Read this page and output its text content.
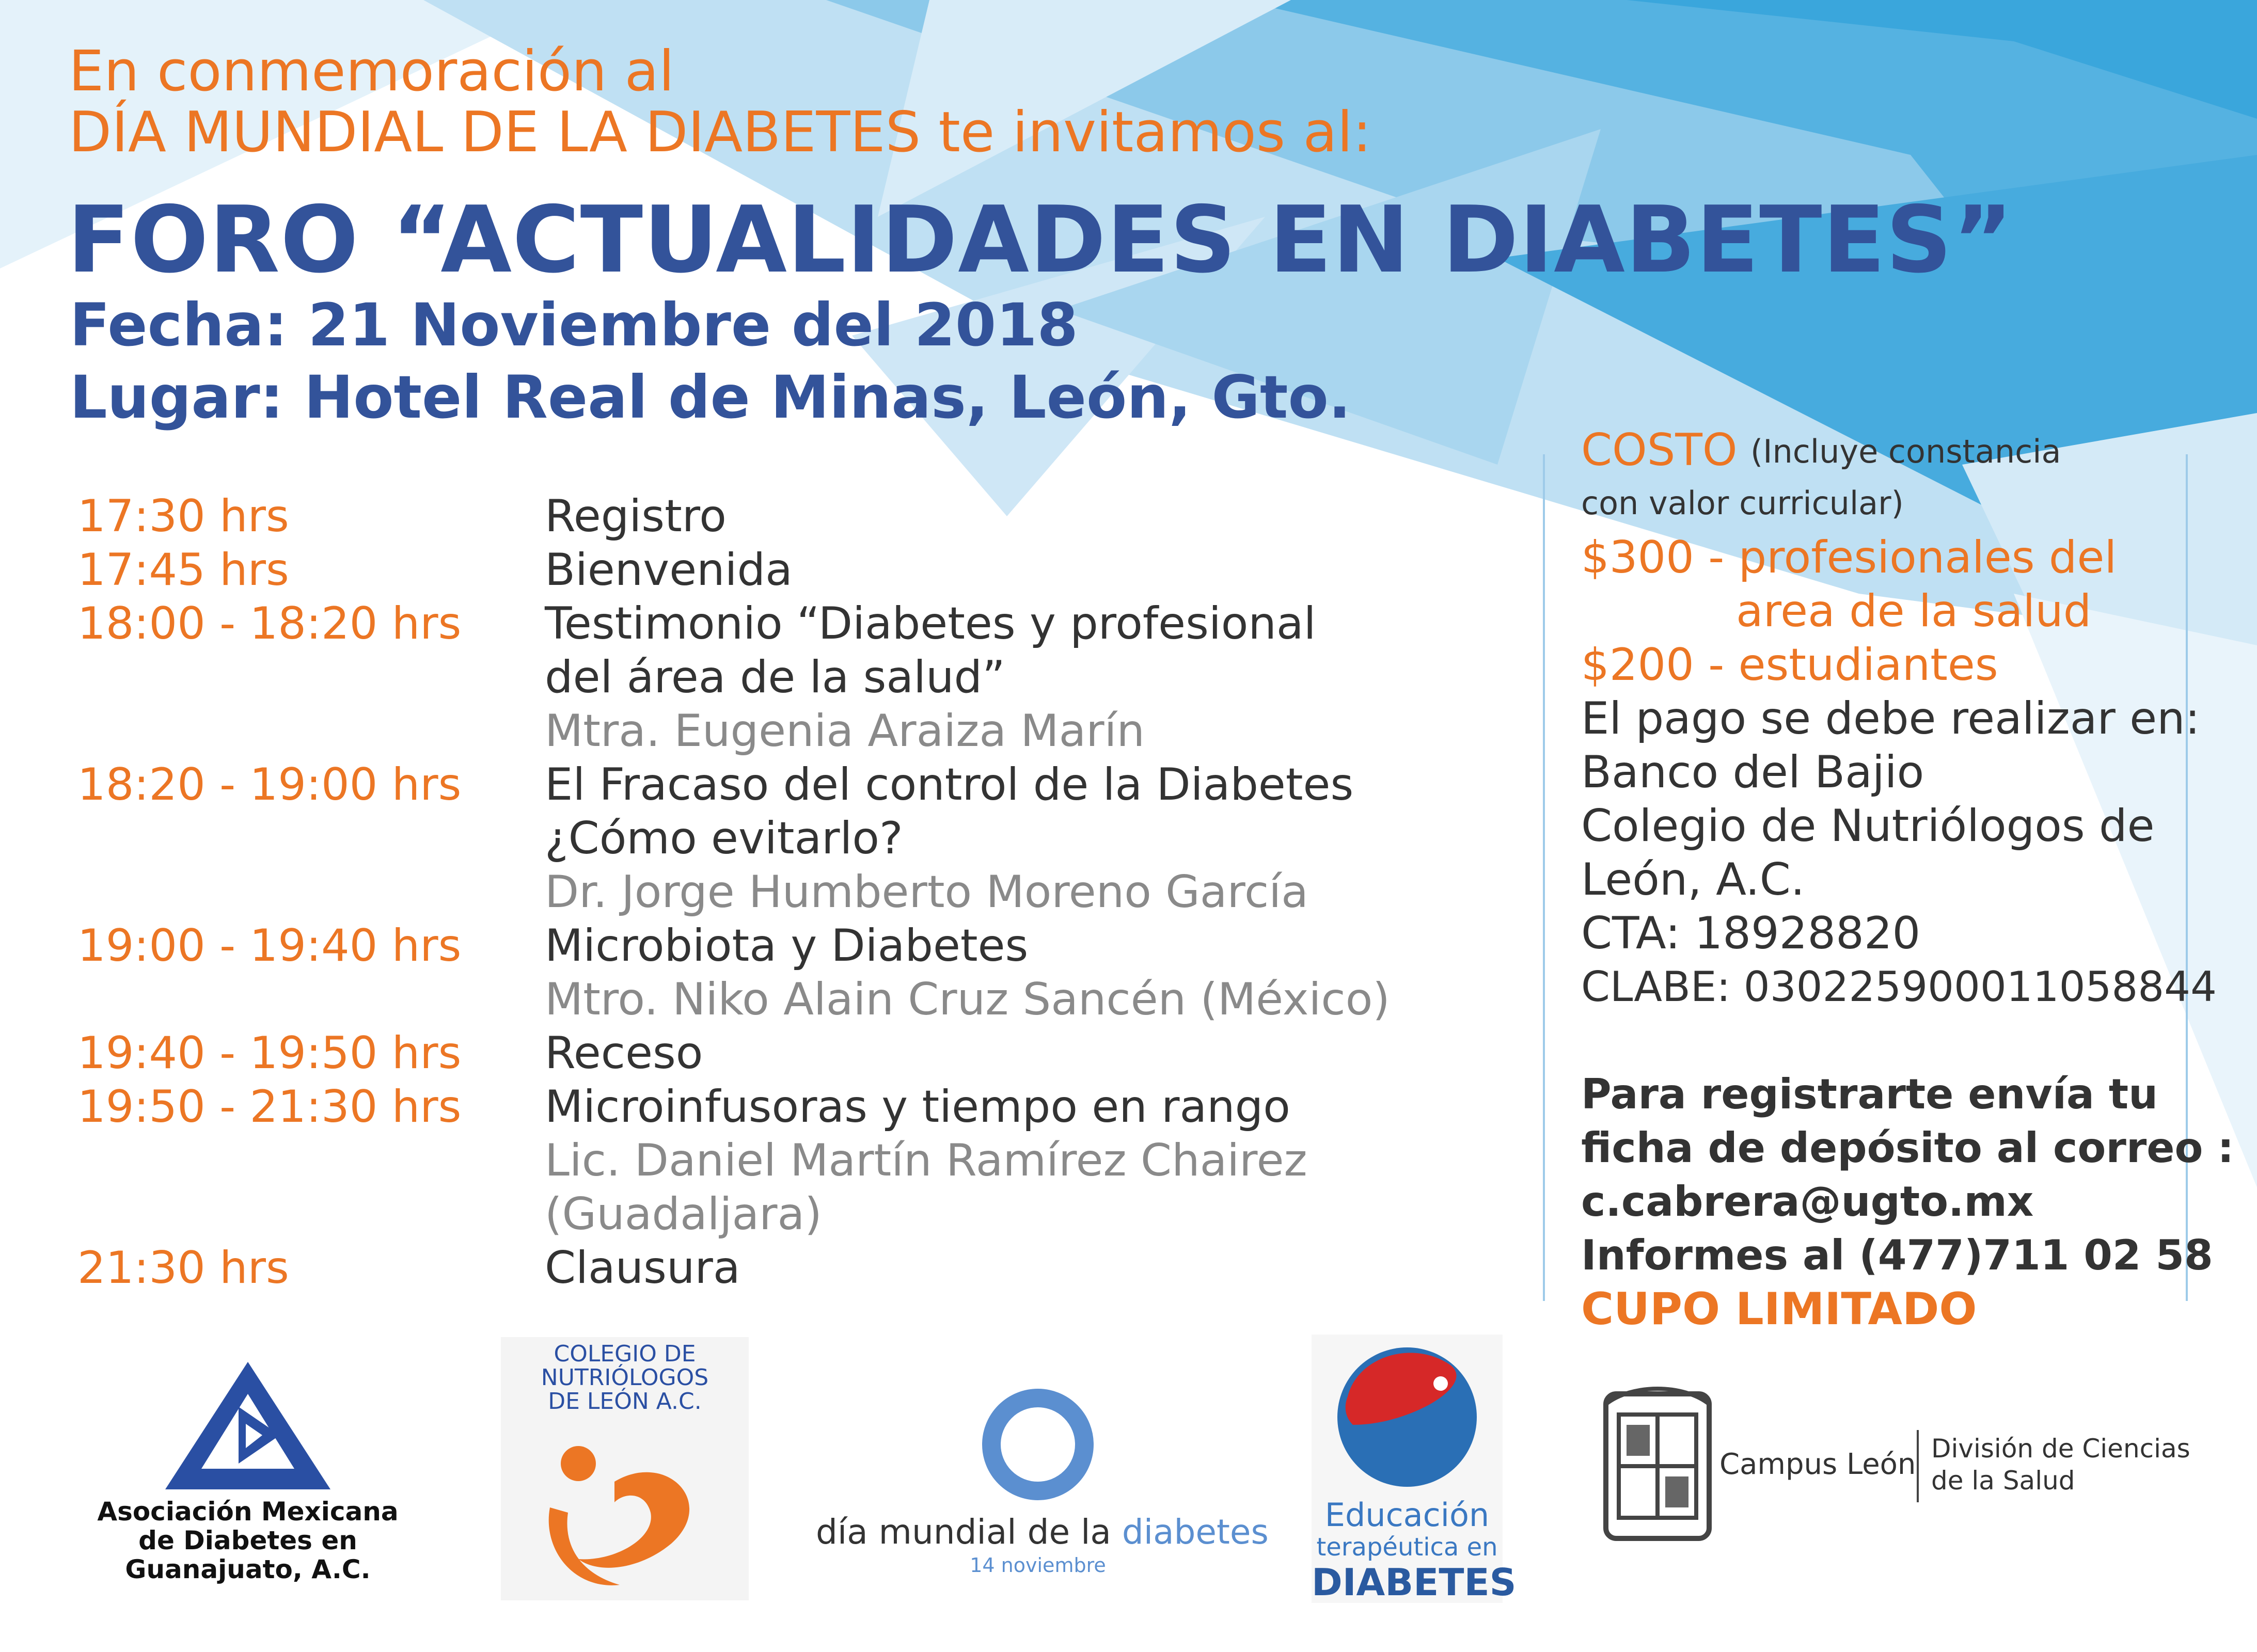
En conmemoración al
DÍA MUNDIAL DE LA DIABETES te invitamos al:
FORO “ACTUALIDADES EN DIABETES”
Fecha: 21 Noviembre del 2018
Lugar: Hotel Real de Minas, León, Gto.
17:30 hrs	Registro
17:45 hrs	Bienvenida
18:00 - 18:20 hrs Testimonio “Diabetes y profesional
del área de la salud”
Mtra. Eugenia Araiza Marín
18:20 - 19:00 hrs El Fracaso del control de la Diabetes
¿Cómo evitarlo?
Dr. Jorge Humberto Moreno García
19:00 - 19:40 hrs Microbiota y Diabetes
Mtro. Niko Alain Cruz Sancén (México)
19:40 - 19:50 hrs Receso
19:50 - 21:30 hrs Microinfusoras y tiempo en rango
Lic. Daniel Martín Ramírez Chairez
(Guadaljara)
21:30 hrs	Clausura
COSTO (Incluye constancia
con valor curricular)
$300 - profesionales del
area de la salud
$200 - estudiantes
El pago se debe realizar en:
Banco del Bajio
Colegio de Nutriólogos de
León, A.C.
CTA: 18928820
CLABE: 030225900011058844
Para registrarte envía tu
ficha de depósito al correo :
c.cabrera@ugto.mx
Informes al (477)711 02 58
CUPO LIMITADO
Asociación Mexicana
de Diabetes en
Guanajuato, A.C.
COLEGIO DE
NUTRIÓLOGOS
DE LEÓN A.C.
día mundial de la diabetes
14 noviembre
Educación
terapéutica en
DIABETES
Campus León División de Ciencias
de la Salud
